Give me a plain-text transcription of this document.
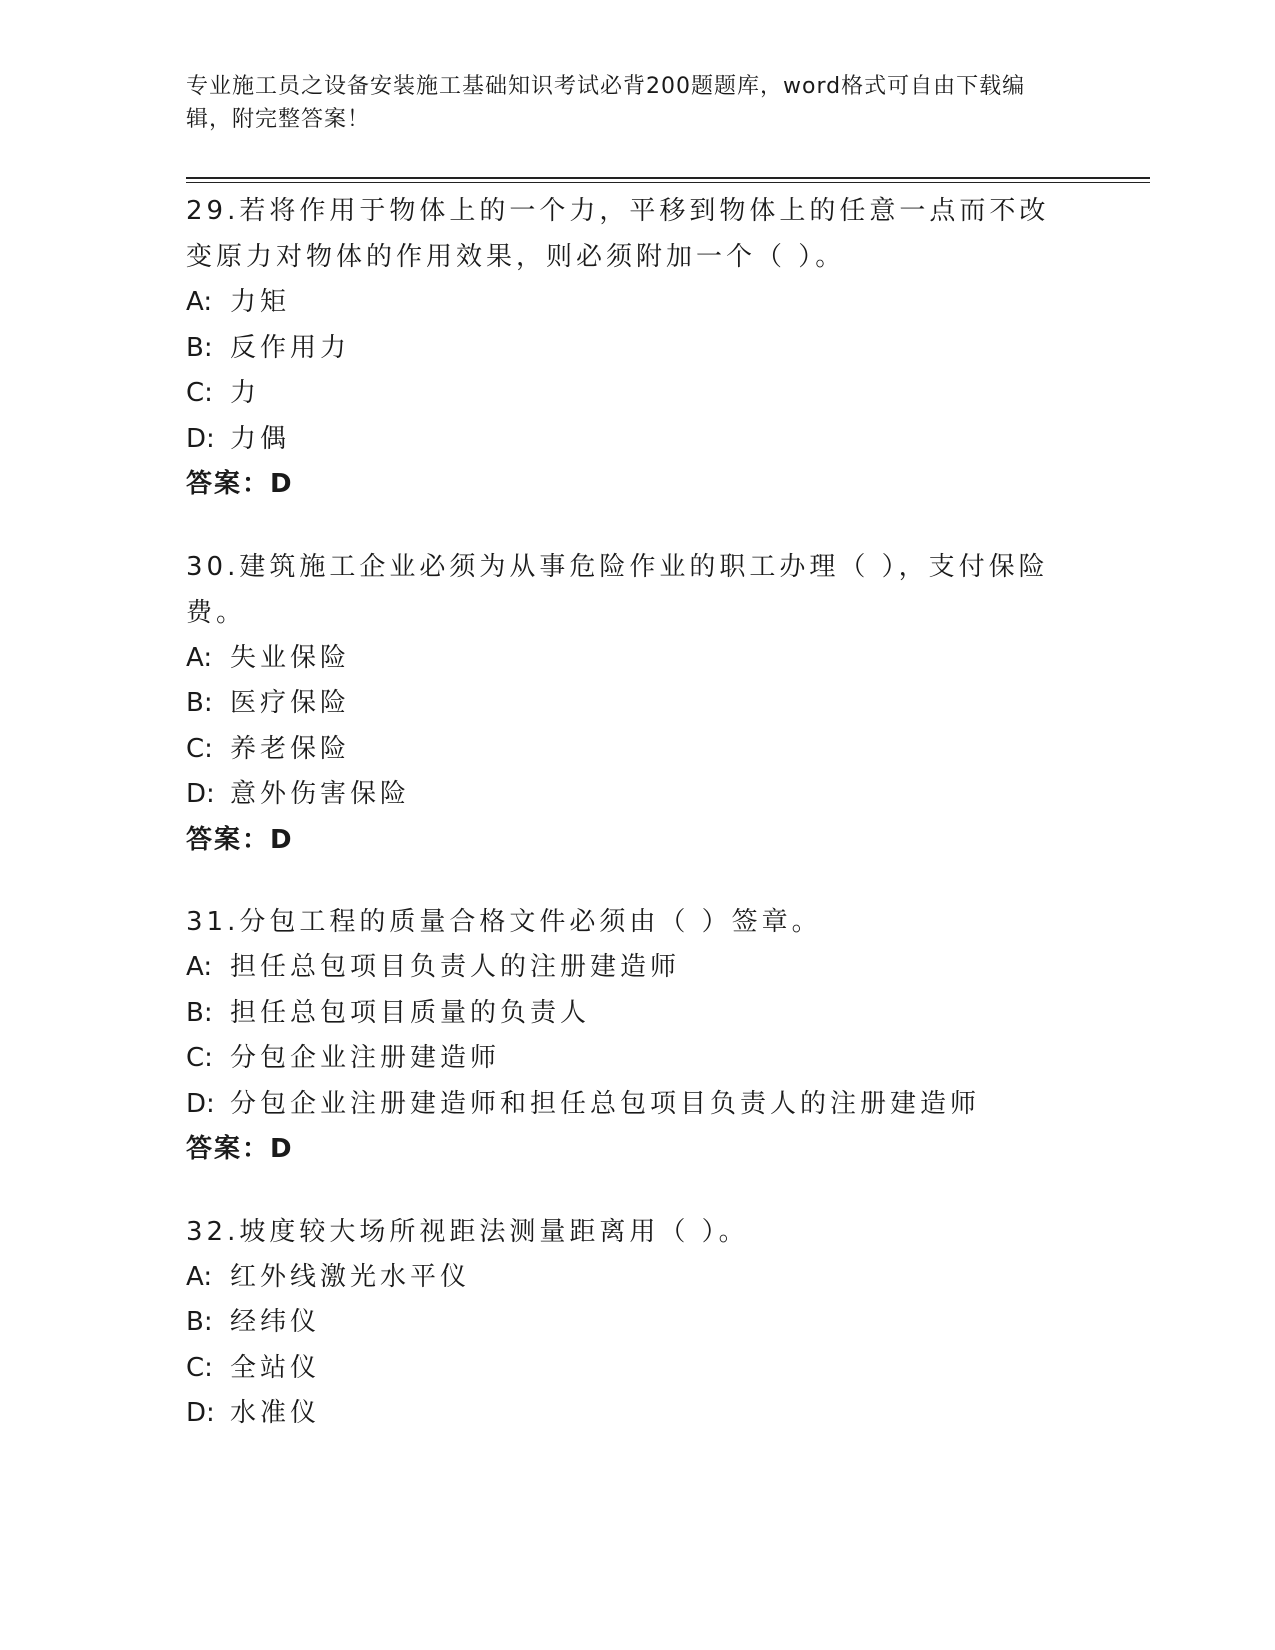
专业施工员之设备安装施工基础知识考试必背200题题库，word格式可自由下载编辑，附完整答案！
29.若将作用于物体上的一个力，平移到物体上的任意一点而不改变原力对物体的作用效果，则必须附加一个（ ）。
A: 力矩
B: 反作用力
C: 力
D: 力偶
答案：D
30.建筑施工企业必须为从事危险作业的职工办理（ ），支付保险费。
A: 失业保险
B: 医疗保险
C: 养老保险
D: 意外伤害保险
答案：D
31.分包工程的质量合格文件必须由（ ）签章。
A: 担任总包项目负责人的注册建造师
B: 担任总包项目质量的负责人
C: 分包企业注册建造师
D: 分包企业注册建造师和担任总包项目负责人的注册建造师
答案：D
32.坡度较大场所视距法测量距离用（ ）。
A: 红外线激光水平仪
B: 经纬仪
C: 全站仪
D: 水准仪
